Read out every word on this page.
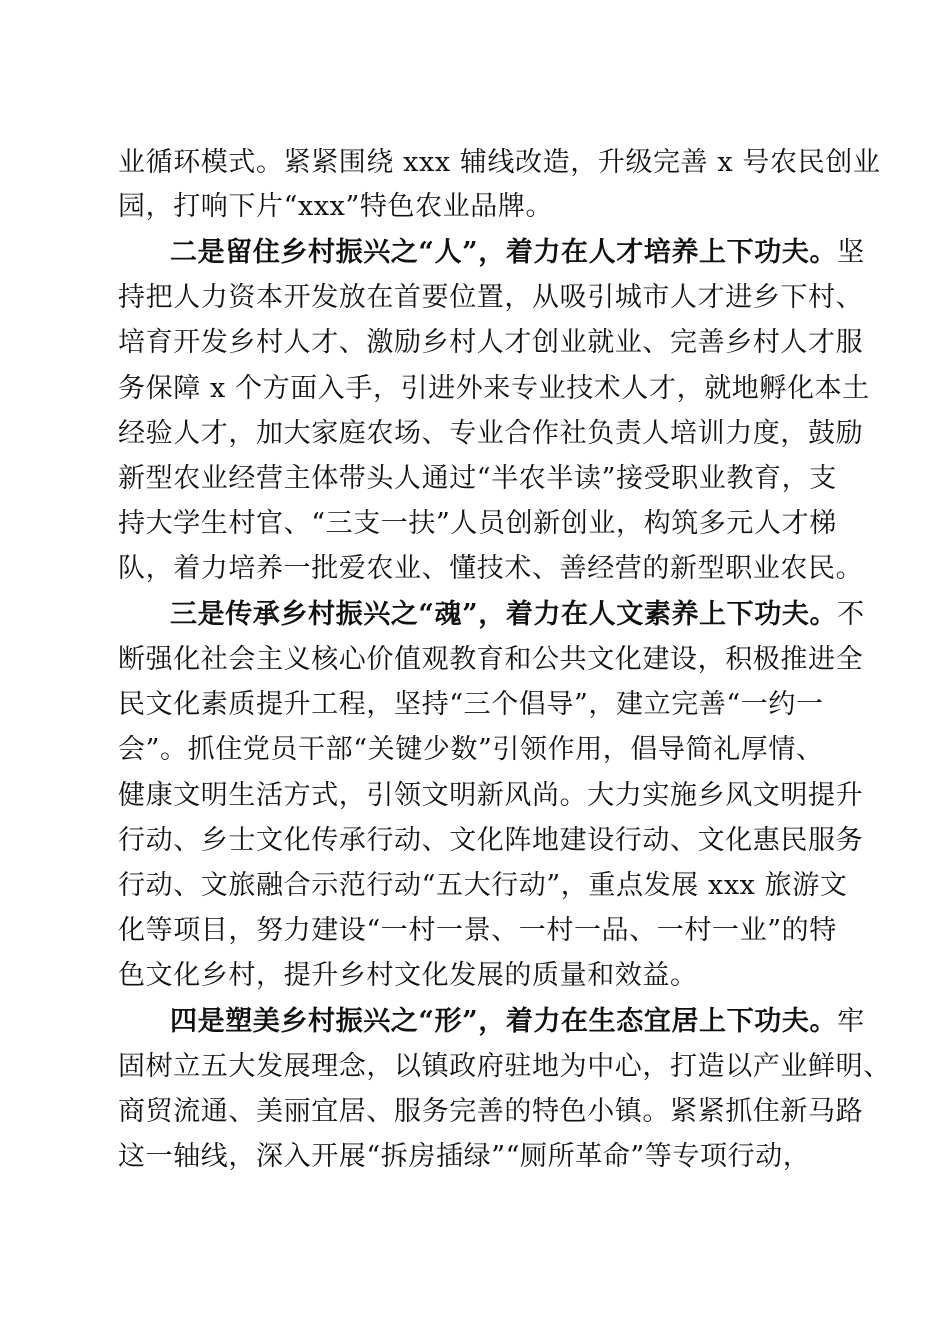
业循环模式。紧紧围绕 xxx 辅线改造，升级完善 x 号农民创业
园，打响下片“xxx”特色农业品牌。
二是留住乡村振兴之“人”，着力在人才培养上下功夫。坚
持把人力资本开发放在首要位置，从吸引城市人才进乡下村、
培育开发乡村人才、激励乡村人才创业就业、完善乡村人才服
务保障 x 个方面入手，引进外来专业技术人才，就地孵化本土
经验人才，加大家庭农场、专业合作社负责人培训力度，鼓励
新型农业经营主体带头人通过“半农半读”接受职业教育，支
持大学生村官、“三支一扶”人员创新创业，构筑多元人才梯
队，着力培养一批爱农业、懂技术、善经营的新型职业农民。
三是传承乡村振兴之“魂”，着力在人文素养上下功夫。不
断强化社会主义核心价值观教育和公共文化建设，积极推进全
民文化素质提升工程，坚持“三个倡导”，建立完善“一约一
会”。抓住党员干部“关键少数”引领作用，倡导简礼厚情、
健康文明生活方式，引领文明新风尚。大力实施乡风文明提升
行动、乡士文化传承行动、文化阵地建设行动、文化惠民服务
行动、文旅融合示范行动“五大行动”，重点发展 xxx 旅游文
化等项目，努力建设“一村一景、一村一品、一村一业”的特
色文化乡村，提升乡村文化发展的质量和效益。
四是塑美乡村振兴之“形”，着力在生态宜居上下功夫。牢
固树立五大发展理念，以镇政府驻地为中心，打造以产业鲜明、
商贸流通、美丽宜居、服务完善的特色小镇。紧紧抓住新马路
这一轴线，深入开展“拆房插绿”“厕所革命”等专项行动，
